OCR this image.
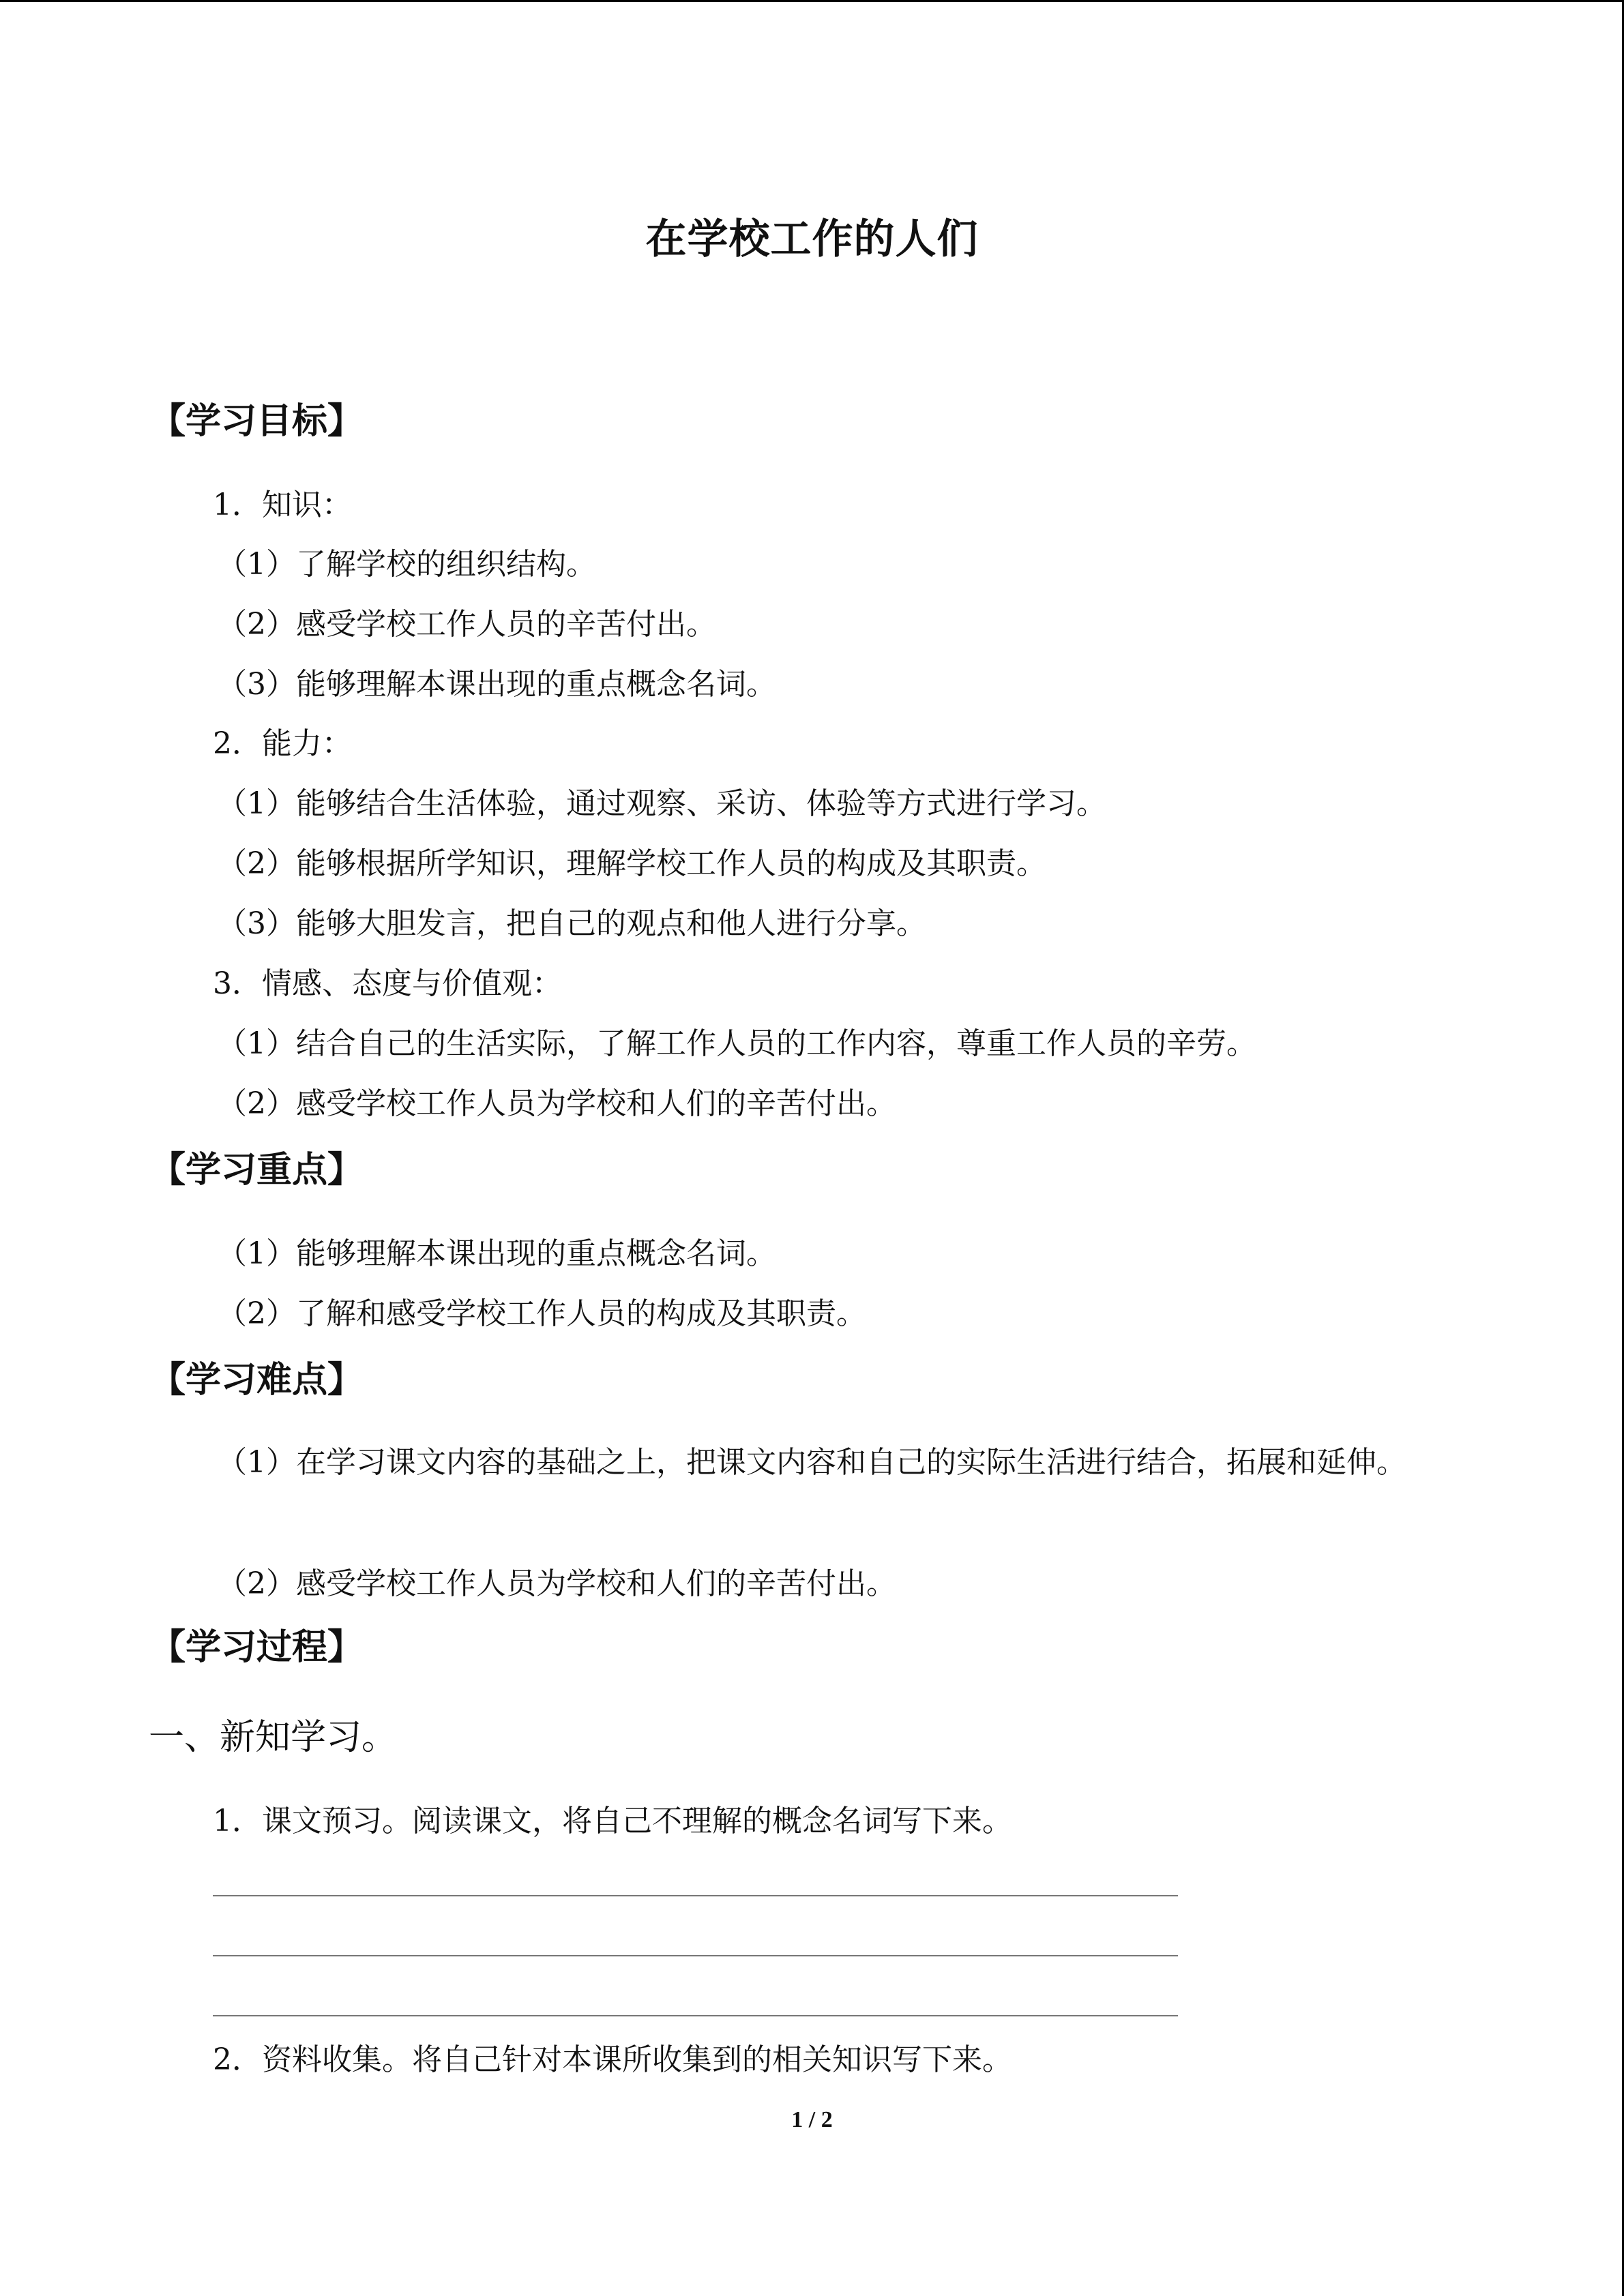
在学校工作的人们
【学习目标】
1．知识：
（1）了解学校的组织结构。
（2）感受学校工作人员的辛苦付出。
（3）能够理解本课出现的重点概念名词。
2．能力：
（1）能够结合生活体验，通过观察、采访、体验等方式进行学习。
（2）能够根据所学知识，理解学校工作人员的构成及其职责。
（3）能够大胆发言，把自己的观点和他人进行分享。
3．情感、态度与价值观：
（1）结合自己的生活实际，了解工作人员的工作内容，尊重工作人员的辛劳。
（2）感受学校工作人员为学校和人们的辛苦付出。
【学习重点】
（1）能够理解本课出现的重点概念名词。
（2）了解和感受学校工作人员的构成及其职责。
【学习难点】
（1）在学习课文内容的基础之上，把课文内容和自己的实际生活进行结合，拓展和延伸。
（2）感受学校工作人员为学校和人们的辛苦付出。
【学习过程】
一、新知学习。
1．课文预习。阅读课文，将自己不理解的概念名词写下来。
2．资料收集。将自己针对本课所收集到的相关知识写下来。
1 / 2
